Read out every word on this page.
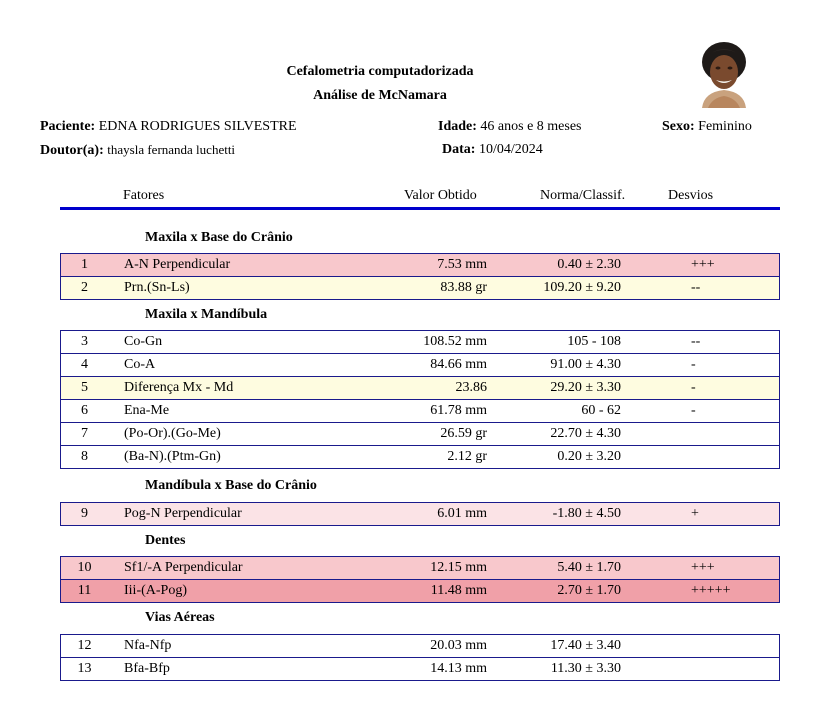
Cefalometria computadorizada
Análise de McNamara
Paciente: EDNA RODRIGUES SILVESTRE	Idade: 46 anos e 8 meses	Sexo: Feminino
Doutor(a): thaysla fernanda luchetti	Data: 10/04/2024
Fatores	Valor Obtido	Norma/Classif.	Desvios
Maxila x Base do Crânio
1	A-N Perpendicular	7.53 mm	0.40 ± 2.30	+++
2	Prn.(Sn-Ls)	83.88 gr	109.20 ± 9.20	--
Maxila x Mandíbula
3	Co-Gn	108.52 mm	105 - 108	--
4	Co-A	84.66 mm	91.00 ± 4.30	-
5	Diferença Mx - Md	23.86	29.20 ± 3.30	-
6	Ena-Me	61.78 mm	60 - 62	-
7	(Po-Or).(Go-Me)	26.59 gr	22.70 ± 4.30
8	(Ba-N).(Ptm-Gn)	2.12 gr	0.20 ± 3.20
Mandíbula x Base do Crânio
9	Pog-N Perpendicular	6.01 mm	-1.80 ± 4.50	+
Dentes
10	Sf1/-A Perpendicular	12.15 mm	5.40 ± 1.70	+++
11	Iii-(A-Pog)	11.48 mm	2.70 ± 1.70	+++++
Vias Aéreas
12	Nfa-Nfp	20.03 mm	17.40 ± 3.40
13	Bfa-Bfp	14.13 mm	11.30 ± 3.30
